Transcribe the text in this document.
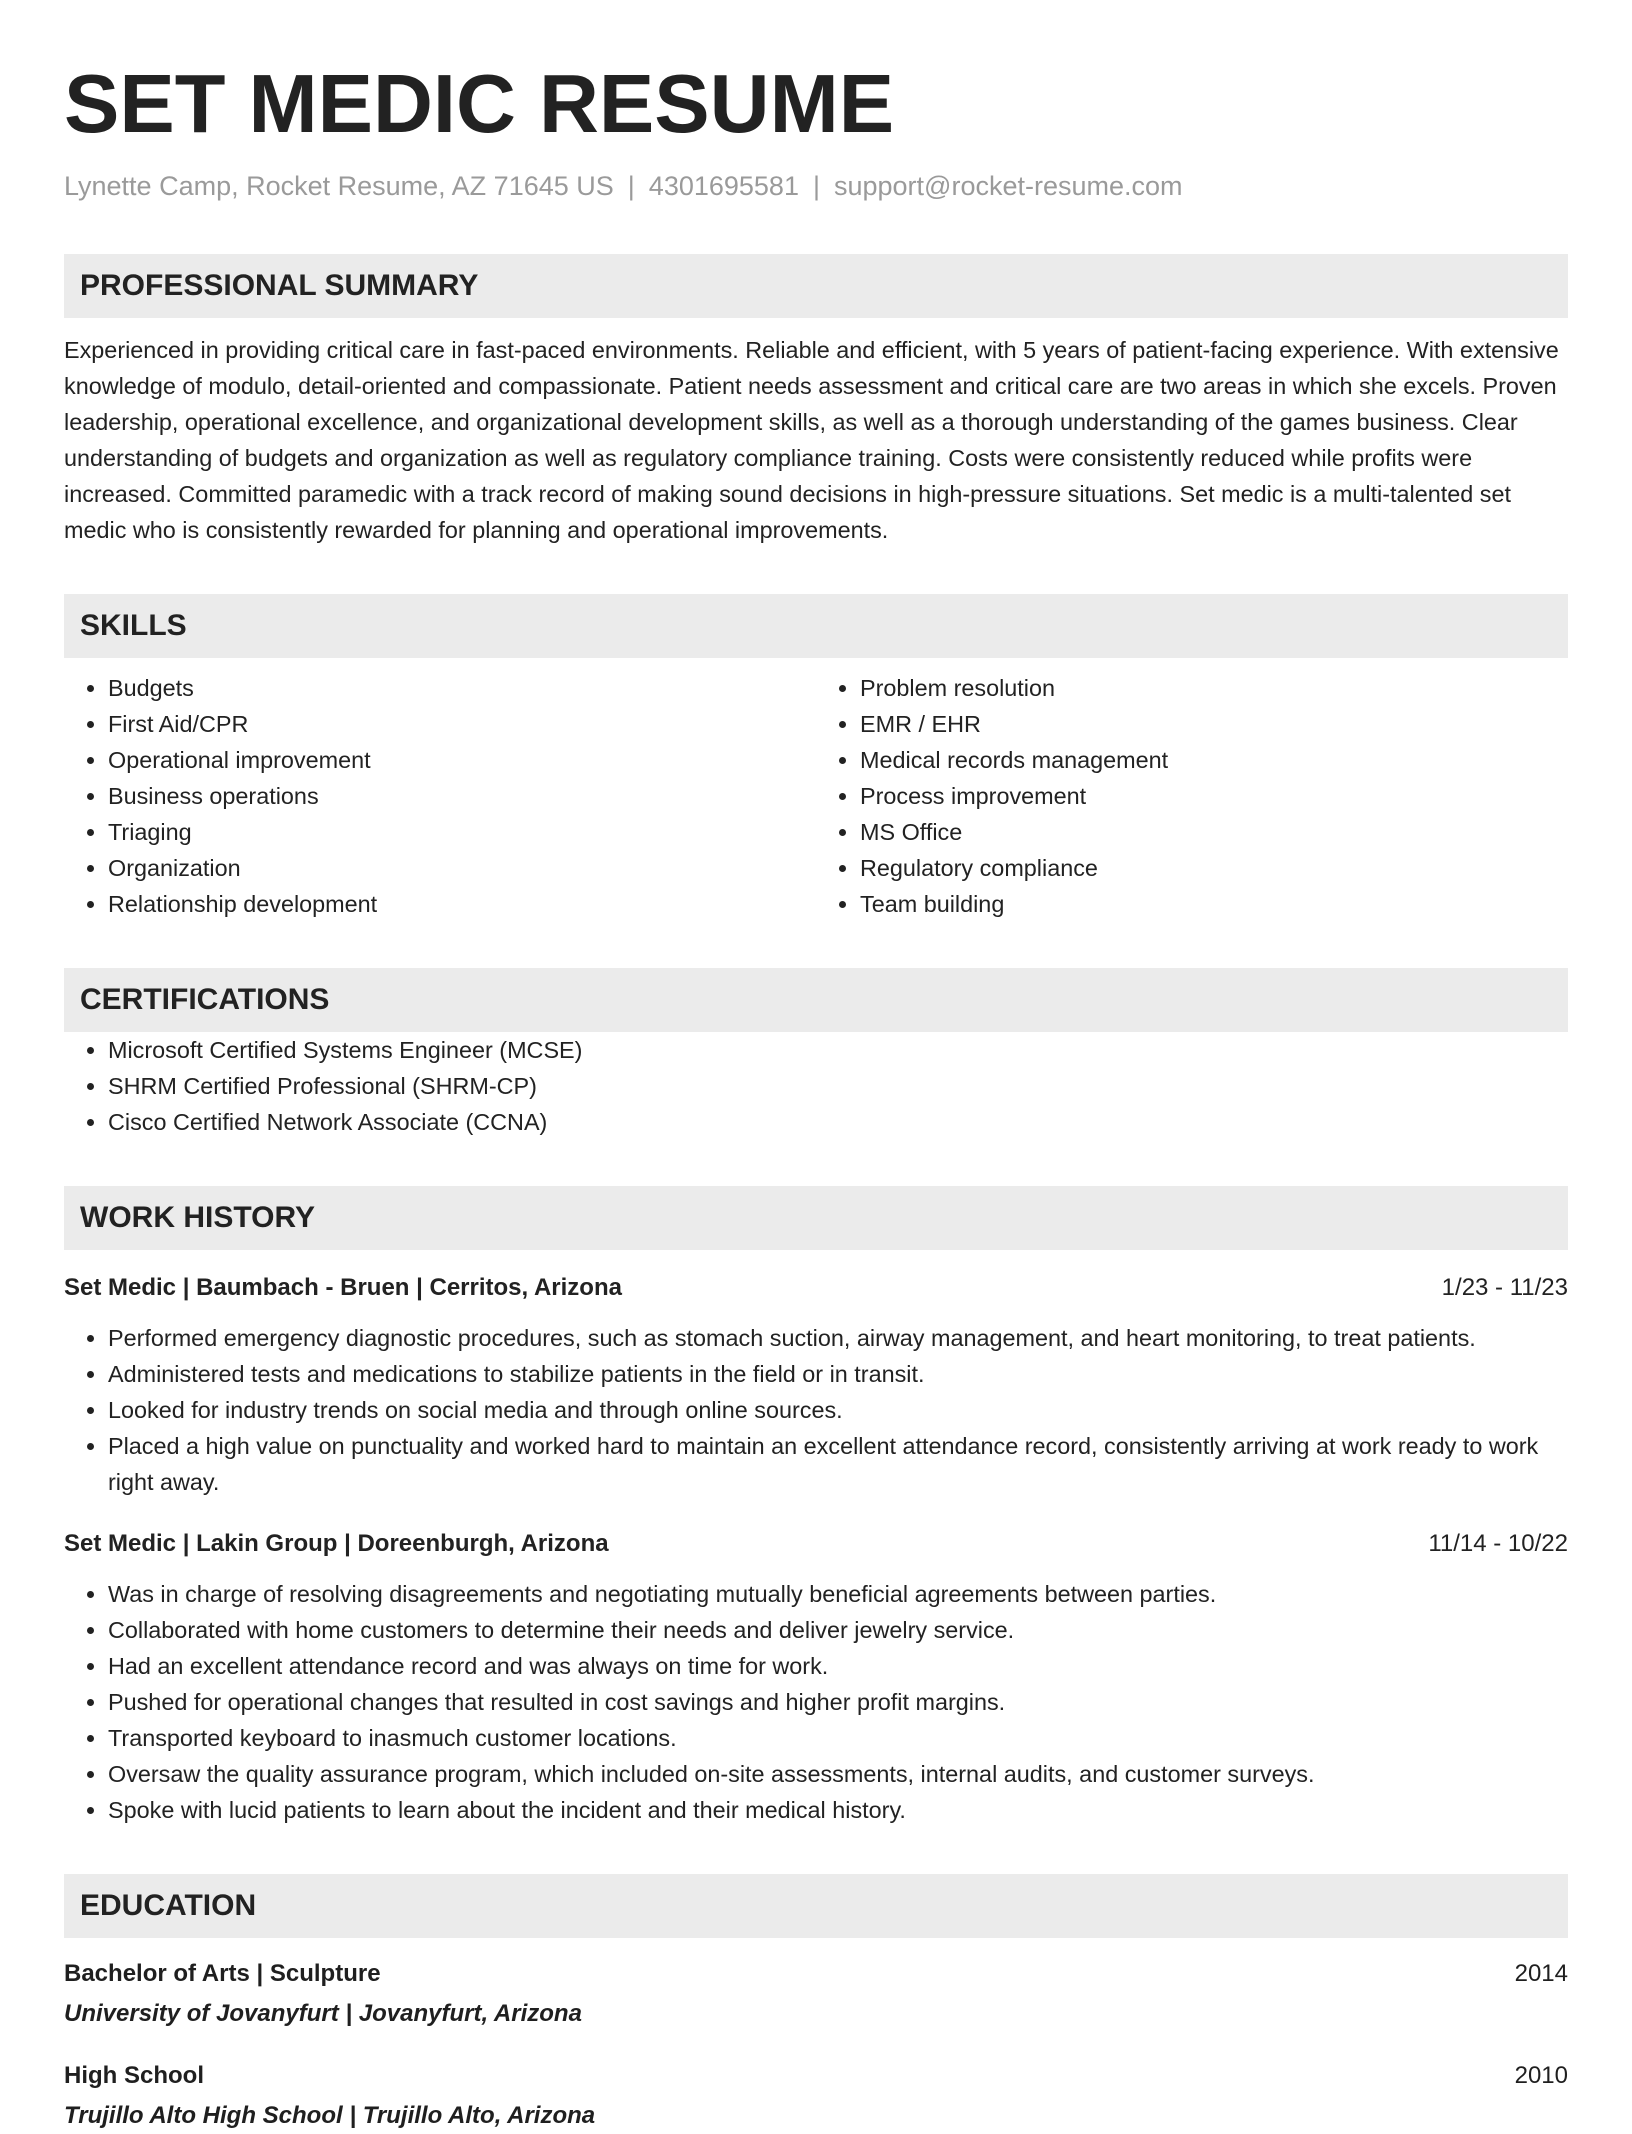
SET MEDIC RESUME
Lynette Camp, Rocket Resume, AZ 71645 US | 4301695581 | support@rocket-resume.com
PROFESSIONAL SUMMARY
Experienced in providing critical care in fast-paced environments. Reliable and efficient, with 5 years of patient-facing experience. With extensive knowledge of modulo, detail-oriented and compassionate. Patient needs assessment and critical care are two areas in which she excels. Proven leadership, operational excellence, and organizational development skills, as well as a thorough understanding of the games business. Clear understanding of budgets and organization as well as regulatory compliance training. Costs were consistently reduced while profits were increased. Committed paramedic with a track record of making sound decisions in high-pressure situations. Set medic is a multi-talented set medic who is consistently rewarded for planning and operational improvements.
SKILLS
• Budgets
• First Aid/CPR
• Operational improvement
• Business operations
• Triaging
• Organization
• Relationship development
• Problem resolution
• EMR / EHR
• Medical records management
• Process improvement
• MS Office
• Regulatory compliance
• Team building
CERTIFICATIONS
• Microsoft Certified Systems Engineer (MCSE)
• SHRM Certified Professional (SHRM-CP)
• Cisco Certified Network Associate (CCNA)
WORK HISTORY
Set Medic | Baumbach - Bruen | Cerritos, Arizona	1/23 - 11/23
• Performed emergency diagnostic procedures, such as stomach suction, airway management, and heart monitoring, to treat patients.
• Administered tests and medications to stabilize patients in the field or in transit.
• Looked for industry trends on social media and through online sources.
• Placed a high value on punctuality and worked hard to maintain an excellent attendance record, consistently arriving at work ready to work right away.
Set Medic | Lakin Group | Doreenburgh, Arizona	11/14 - 10/22
• Was in charge of resolving disagreements and negotiating mutually beneficial agreements between parties.
• Collaborated with home customers to determine their needs and deliver jewelry service.
• Had an excellent attendance record and was always on time for work.
• Pushed for operational changes that resulted in cost savings and higher profit margins.
• Transported keyboard to inasmuch customer locations.
• Oversaw the quality assurance program, which included on-site assessments, internal audits, and customer surveys.
• Spoke with lucid patients to learn about the incident and their medical history.
EDUCATION
Bachelor of Arts | Sculpture	2014
University of Jovanyfurt | Jovanyfurt, Arizona
High School	2010
Trujillo Alto High School | Trujillo Alto, Arizona
